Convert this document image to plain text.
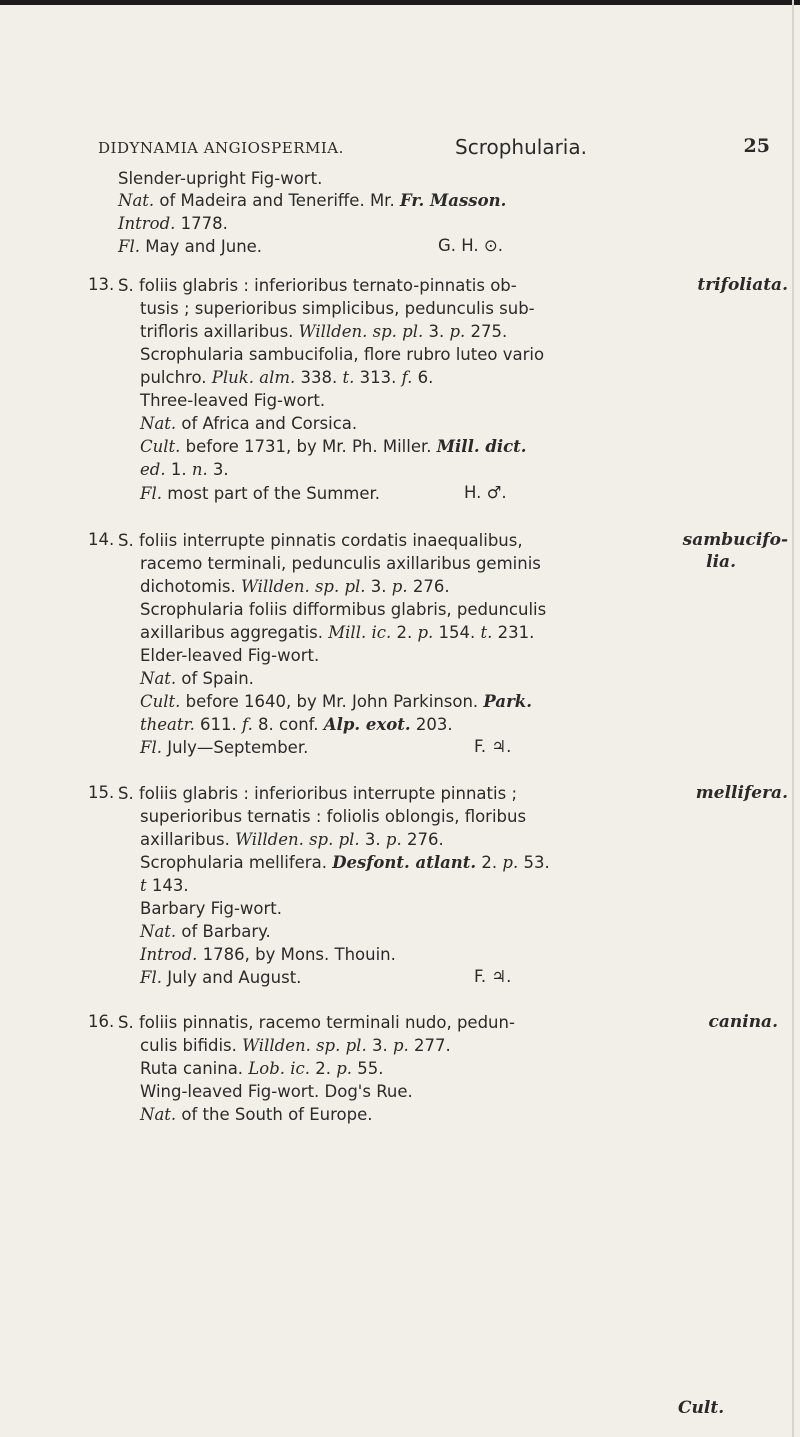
DIDYNAMIA ANGIOSPERMIA.	Scrophularia.	25
Slender-upright Fig-wort.
Nat. of Madeira and Teneriffe. Mr. Fr. Masson.
Introd. 1778.
Fl. May and June.	G. H. ⊙.
13.	trifoliata.
S. foliis glabris : inferioribus ternato-pinnatis ob-
tusis ; superioribus simplicibus, pedunculis sub-
trifloris axillaribus. Willden. sp. pl. 3. p. 275.
Scrophularia sambucifolia, flore rubro luteo vario
pulchro. Pluk. alm. 338. t. 313. f. 6.
Three-leaved Fig-wort.
Nat. of Africa and Corsica.
Cult. before 1731, by Mr. Ph. Miller. Mill. dict.
ed. 1. n. 3.
Fl. most part of the Summer.	H. ♂.
14.	sambucifo-
lia.
S. foliis interrupte pinnatis cordatis inaequalibus,
racemo terminali, pedunculis axillaribus geminis
dichotomis. Willden. sp. pl. 3. p. 276.
Scrophularia foliis difformibus glabris, pedunculis
axillaribus aggregatis. Mill. ic. 2. p. 154. t. 231.
Elder-leaved Fig-wort.
Nat. of Spain.
Cult. before 1640, by Mr. John Parkinson. Park.
theatr. 611. f. 8. conf. Alp. exot. 203.
Fl. July—September.	F. ♃.
15.	mellifera.
S. foliis glabris : inferioribus interrupte pinnatis ;
superioribus ternatis : foliolis oblongis, floribus
axillaribus. Willden. sp. pl. 3. p. 276.
Scrophularia mellifera. Desfont. atlant. 2. p. 53.
t 143.
Barbary Fig-wort.
Nat. of Barbary.
Introd. 1786, by Mons. Thouin.
Fl. July and August.	F. ♃.
16.	canina.
S. foliis pinnatis, racemo terminali nudo, pedun-
culis bifidis. Willden. sp. pl. 3. p. 277.
Ruta canina. Lob. ic. 2. p. 55.
Wing-leaved Fig-wort. Dog's Rue.
Nat. of the South of Europe.
Cult.
